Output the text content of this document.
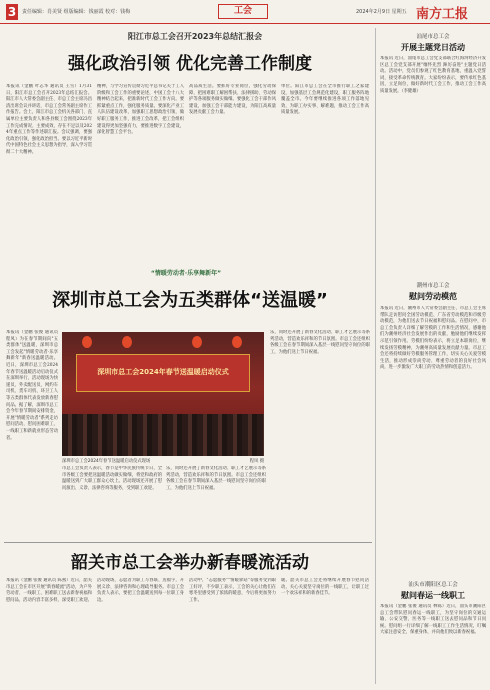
3	责任编辑：肖美贤 组版编辑：钱丽霞 校对：钱梅	工会	2024年2月9日 星期五 南方工报
阳江市总工会召开2023年总结汇报会
强化政治引领 优化完善工作制度
本报讯（金鹏 叶志华 通讯员 王雪）1月31日，阳江市总工会召开2023年总结汇报会。阳江市人大常委会副主任、市总工会主席冯昌清出席会议并讲话，市总工会常务副主席作工作报告。会上，阳江市总工会机关各部门、直属单位主要负责人和各县级工会围绕2023年工作完成情况、主要成效、存在不足以及2024年重点工作等作述职汇报。会议强调，要强化政治引领，强化政治担当。要以习近平新时代中国特色社会主义思想为指导，深入学习贯彻二十大精神。
精神，与学习宣传贯彻习近平总书记关于工人阶级和工会工作的重要论述，中国工会十八大精神结合起来，把准新时代工会工作方向。要抓紧重点工作，强化服务质量。要深化产业工人队伍建设改革，加强职工思想政治引领，做好职工服务工作，推进工会改革，把工会组织建设得更加坚强有力，要推进数字工会建设，深化智慧工会平台。
高品质生活。要抓好专业岗位，强化劳动保障，把困难职工解困帮扶、法律援助、劳动保护等各项服务做实做细。要强化工会干部作风建设，加强工会干部能力建设，为阳江高质量发展贡献工会力量。
单位。阳江市总工会在全市推行职工之家建设，加强基层工会规范化建设，职工服务阵地覆盖全市。今年要继续推进各项工作落地见效，为职工办实事、解难题，推动工会工作高质量发展。
汕尾市总工会
开展主题党日活动
本报讯 近日，汕尾市总工会党支部联合红海湾经济开发区总工会党支部开展"缅怀先烈 踔厉奋进"主题党日活动。活动中，党员们参观了红色教育基地，重温入党誓词，接受革命传统教育。大家纷纷表示，要传承红色基因，立足岗位，做好新时代工会工作，推动工会工作高质量发展。（李健雄）
“情暖劳动者·乐享舞新年”
深圳市总工会为五类群体“送温暖”
本报讯（金鹏 张俊 通讯员 程凤）为在春节期间向"五类群体"送温暖，深圳市总工会发起"情暖劳动者·乐享舞新年"新春送温暖活动。近日，深圳市总工会2024年春节送温暖活动启动仪式在深圳举行，活动现场为快递员、外卖配送员、网约车司机、货车司机、环卫工人等五类群体代表发放新春慰问品。据了解，深圳市总工会今年春节期间安排资金，开展"情暖劳动者"系列走访慰问活动，慰问困难职工、一线职工和新就业形态劳动者。
深圳市总工会2024年春节送温暖启动仪式
深圳市总工会2024年春节送温暖启动仪式现场	程凤 摄
市总工会负责人表示，春节是中华民族传统节日，全市各级工会要把送温暖活动做实做细，将党和政府的温暖送到广大职工群众心坎上。活动现场还开展了慰问演出、义诊、法律咨询等服务，受到职工欢迎。
乐，同时还开展了新春文化活动、职工才艺展示等系列活动，营造欢乐祥和的节日氛围。市总工会还组织各级工会在春节期间深入基层一线慰问坚守岗位的职工，为他们送上节日祝福。
乐，同时还开展了新春文化活动、职工才艺展示等系列活动，营造欢乐祥和的节日氛围。市总工会还组织各级工会在春节期间深入基层一线慰问坚守岗位的职工，为他们送上节日祝福。
潮州市总工会
慰问劳动模范
本报讯 近日，潮州市人大常委会副主任、市总工会主席带队走访慰问全国劳动模范、广东省劳动模范和市级劳动模范，为他们送去节日祝福和慰问品。在慰问中，市总工会负责人详细了解劳模的工作和生活情况，感谢他们为潮州经济社会发展作出的贡献，勉励他们继续发挥示范引领作用。劳模们纷纷表示，将立足本职岗位，继续发扬劳模精神，为潮州高质量发展贡献力量。市总工会还将持续做好劳模服务管理工作，切实关心关爱劳模生活，推动形成崇尚劳动、尊重劳动者的良好社会风尚，进一步激发广大职工的劳动热情和创造活力。
韶关市总工会举办新春暖流活动
本报讯（金鹏 张俊 通讯员 陈燕）近日，韶关市总工会在市区开展"新春暖流"活动，为户外劳动者、一线职工、困难职工送去新春祝福和慰问品，活动内容丰富多样，深受职工欢迎。
活动现场，志愿者为职工写春联、送福字，开展义诊、法律咨询和心理疏导服务。市总工会负责人表示，要把工会温暖送到每一位职工身边。
活动中，"志愿服务""情暖驿站"等服务受到职工好评，不少职工表示，工会的关心让他们在寒冬里感受到了浓浓的暖意，今后将更加努力工作。
暖。韶关市总工会还将继续开展春节慰问活动，关心关爱坚守岗位的一线职工，让职工过一个欢乐祥和的新春佳节。
汕头市潮阳区总工会
慰问春运一线职工
本报讯（金鹏 张俊 通讯员 林铄）近日，汕头市潮阳区总工会带队慰问春运一线职工，为坚守岗位的交通运输、公安交警、医务等一线职工送去慰问品和节日问候。慰问组一行详细了解一线职工工作生活情况，叮嘱大家注意安全、保重身体，并向他们致以新春祝福。
